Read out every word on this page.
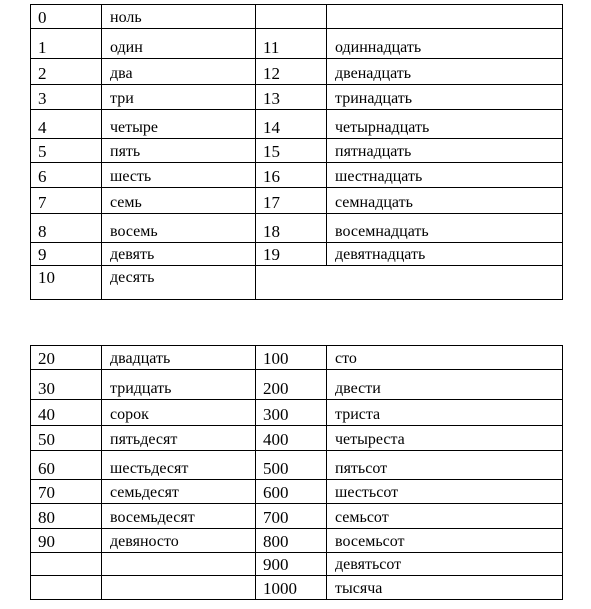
0	ноль		
1	один	11	одиннадцать
2	два	12	двенадцать
3	три	13	тринадцать
4	четыре	14	четырнадцать
5	пять	15	пятнадцать
6	шесть	16	шестнадцать
7	семь	17	семнадцать
8	восемь	18	восемнадцать
9	девять	19	девятнадцать
10	десять		
20	двадцать	100	сто
30	тридцать	200	двести
40	сорок	300	триста
50	пятьдесят	400	четыреста
60	шестьдесят	500	пятьсот
70	семьдесят	600	шестьсот
80	восемьдесят	700	семьсот
90	девяносто	800	восемьсот
		900	девятьсот
		1000	тысяча
